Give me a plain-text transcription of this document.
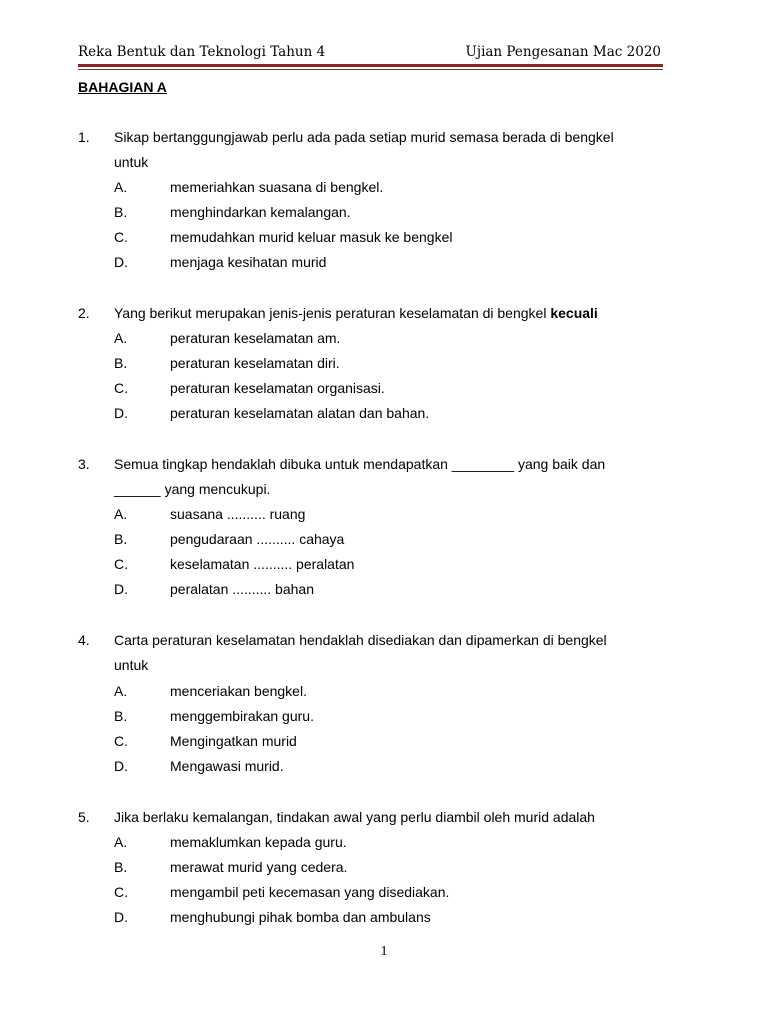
Reka Bentuk dan Teknologi Tahun 4	Ujian Pengesanan Mac 2020
BAHAGIAN A
1. Sikap bertanggungjawab perlu ada pada setiap murid semasa berada di bengkel
untuk
A.	memeriahkan suasana di bengkel.
B.	menghindarkan kemalangan.
C.	memudahkan murid keluar masuk ke bengkel
D.	menjaga kesihatan murid
2. Yang berikut merupakan jenis-jenis peraturan keselamatan di bengkel kecuali
A.	peraturan keselamatan am.
B.	peraturan keselamatan diri.
C.	peraturan keselamatan organisasi.
D.	peraturan keselamatan alatan dan bahan.
3. Semua tingkap hendaklah dibuka untuk mendapatkan ________ yang baik dan
______ yang mencukupi.
A.	suasana .......... ruang
B.	pengudaraan .......... cahaya
C.	keselamatan .......... peralatan
D.	peralatan .......... bahan
4. Carta peraturan keselamatan hendaklah disediakan dan dipamerkan di bengkel
untuk
A.	menceriakan bengkel.
B.	menggembirakan guru.
C.	Mengingatkan murid
D.	Mengawasi murid.
5. Jika berlaku kemalangan, tindakan awal yang perlu diambil oleh murid adalah
A.	memaklumkan kepada guru.
B.	merawat murid yang cedera.
C.	mengambil peti kecemasan yang disediakan.
D.	menghubungi pihak bomba dan ambulans
1
